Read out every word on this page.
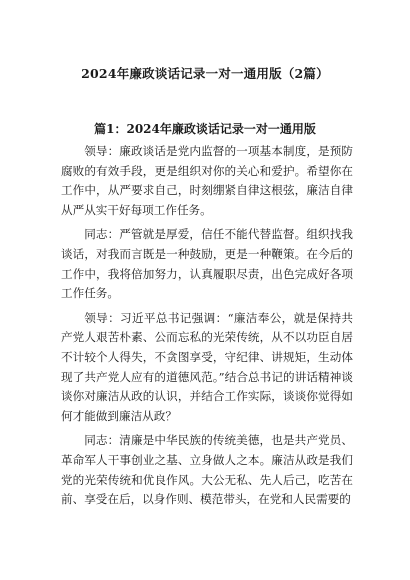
2024年廉政谈话记录一对一通用版（2篇）
篇1：2024年廉政谈话记录一对一通用版

领导：廉政谈话是党内监督的一项基本制度，是预防腐败的有效手段，更是组织对你的关心和爱护。希望你在工作中，从严要求自己，时刻绷紧自律这根弦，廉洁自律从严从实干好每项工作任务。

同志：严管就是厚爱，信任不能代替监督。组织找我谈话，对我而言既是一种鼓励，更是一种鞭策。在今后的工作中，我将倍加努力，认真履职尽责，出色完成好各项工作任务。

领导：习近平总书记强调：“廉洁奉公，就是保持共产党人艰苦朴素、公而忘私的光荣传统，从不以功臣自居不计较个人得失，不贪图享受，守纪律、讲规矩，生动体现了共产党人应有的道德风范。”结合总书记的讲话精神谈谈你对廉洁从政的认识，并结合工作实际，谈谈你觉得如何才能做到廉洁从政？

同志：清廉是中华民族的传统美德，也是共产党员、革命军人干事创业之基、立身做人之本。廉洁从政是我们党的光荣传统和优良作风。大公无私、先人后己，吃苦在前、享受在后，以身作则、模范带头，在党和人民需要的
